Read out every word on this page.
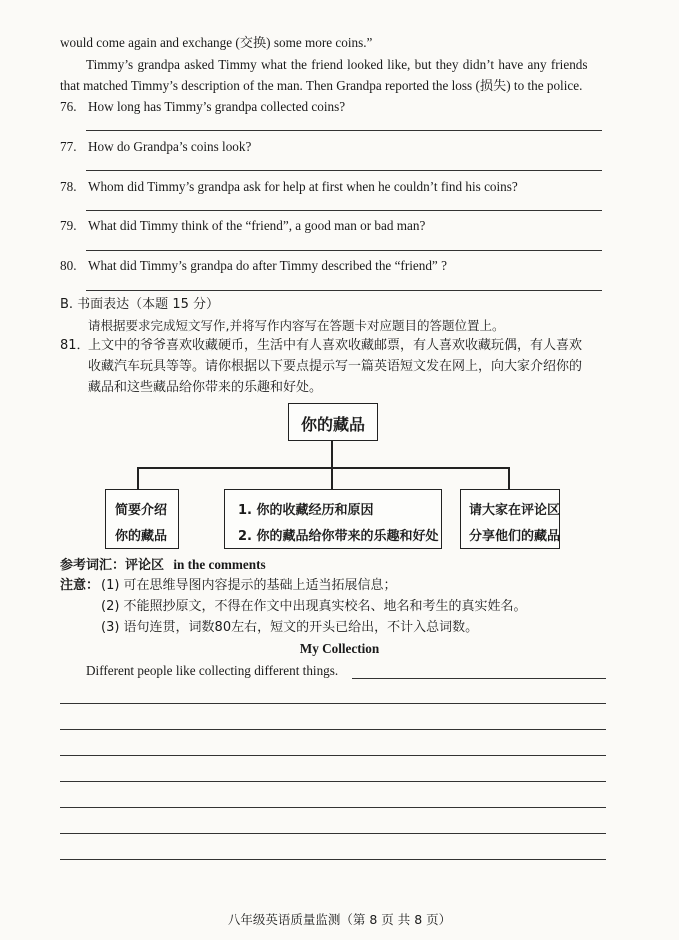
would come again and exchange (交换) some more coins.”
Timmy’s grandpa asked Timmy what the friend looked like, but they didn’t have any friends
that matched Timmy’s description of the man. Then Grandpa reported the loss (损失) to the police.
76. How long has Timmy’s grandpa collected coins?
77. How do Grandpa’s coins look?
78. Whom did Timmy’s grandpa ask for help at first when he couldn’t find his coins?
79. What did Timmy think of the “friend”, a good man or bad man?
80. What did Timmy’s grandpa do after Timmy described the “friend” ?
B. 书面表达（本题 15 分）
请根据要求完成短文写作,并将写作内容写在答题卡对应题目的答题位置上。
81．
上文中的爷爷喜欢收藏硬币，生活中有人喜欢收藏邮票，有人喜欢收藏玩偶，有人喜欢
收藏汽车玩具等等。请你根据以下要点提示写一篇英语短文发在网上，向大家介绍你的
藏品和这些藏品给你带来的乐趣和好处。
你的藏品
简要介绍
你的藏品
1. 你的收藏经历和原因
2. 你的藏品给你带来的乐趣和好处
请大家在评论区
分享他们的藏品
参考词汇：评论区 in the comments
注意： (1) 可在思维导图内容提示的基础上适当拓展信息；
(2) 不能照抄原文，不得在作文中出现真实校名、地名和考生的真实姓名。
(3) 语句连贯，词数80左右，短文的开头已给出，不计入总词数。
My Collection
Different people like collecting different things.
八年级英语质量监测（第 8 页 共 8 页）
